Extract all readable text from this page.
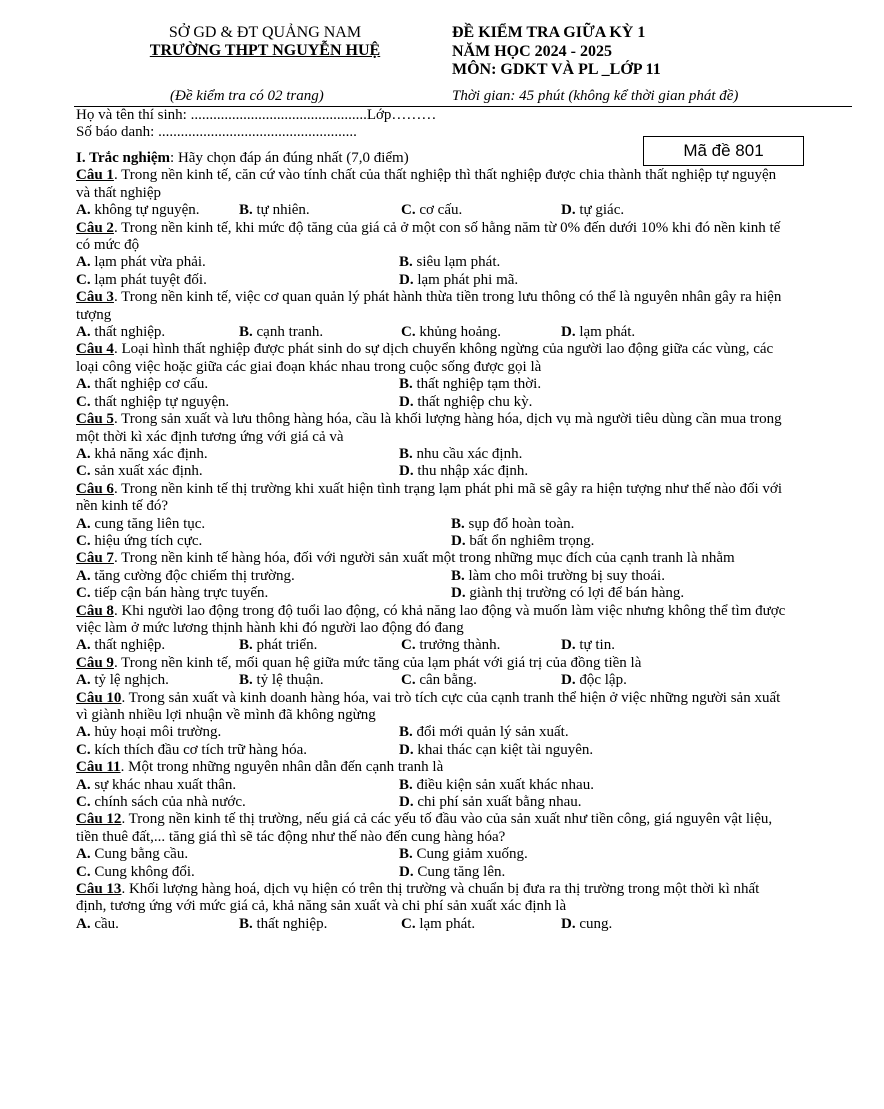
SỞ GD & ĐT QUẢNG NAM
TRƯỜNG THPT NGUYỄN HUỆ
ĐỀ KIỂM TRA GIỮA KỲ 1
NĂM HỌC 2024 - 2025
MÔN: GDKT VÀ PL _LỚP 11
(Đề kiểm tra có 02 trang)	Thời gian: 45 phút (không kể thời gian phát đề)
Họ và tên thí sinh: ...............................................Lớp………
Số báo danh: .....................................................
Mã đề 801
I. Trắc nghiệm: Hãy chọn đáp án đúng nhất (7,0 điểm)
Câu 1. Trong nền kinh tế, căn cứ vào tính chất của thất nghiệp thì thất nghiệp được chia thành thất nghiệp tự nguyện và thất nghiệp
A. không tự nguyện.	B. tự nhiên.	C. cơ cấu.	D. tự giác.
Câu 2. Trong nền kinh tế, khi mức độ tăng của giá cả ở một con số hằng năm từ 0% đến dưới 10% khi đó nền kinh tế có mức độ
A. lạm phát vừa phải.	B. siêu lạm phát.
C. lạm phát tuyệt đối.	D. lạm phát phi mã.
Câu 3. Trong nền kinh tế, việc cơ quan quản lý phát hành thừa tiền trong lưu thông có thể là nguyên nhân gây ra hiện tượng
A. thất nghiệp.	B. cạnh tranh.	C. khủng hoảng.	D. lạm phát.
Câu 4. Loại hình thất nghiệp được phát sinh do sự dịch chuyển không ngừng của người lao động giữa các vùng, các loại công việc hoặc giữa các giai đoạn khác nhau trong cuộc sống được gọi là
A. thất nghiệp cơ cấu.	B. thất nghiệp tạm thời.
C. thất nghiệp tự nguyện.	D. thất nghiệp chu kỳ.
Câu 5. Trong sản xuất và lưu thông hàng hóa, cầu là khối lượng hàng hóa, dịch vụ mà người tiêu dùng cần mua trong một thời kì xác định tương ứng với giá cả và
A. khả năng xác định.	B. nhu cầu xác định.
C. sản xuất xác định.	D. thu nhập xác định.
Câu 6. Trong nền kinh tế thị trường khi xuất hiện tình trạng lạm phát phi mã sẽ gây ra hiện tượng như thế nào đối với nền kinh tế đó?
A. cung tăng liên tục.	B. sụp đổ hoàn toàn.
C. hiệu ứng tích cực.	D. bất ổn nghiêm trọng.
Câu 7. Trong nền kinh tế hàng hóa, đối với người sản xuất một trong những mục đích của cạnh tranh là nhằm
A. tăng cường độc chiếm thị trường.	B. làm cho môi trường bị suy thoái.
C. tiếp cận bán hàng trực tuyến.	D. giành thị trường có lợi để bán hàng.
Câu 8. Khi người lao động trong độ tuổi lao động, có khả năng lao động và muốn làm việc nhưng không thể tìm được việc làm ở mức lương thịnh hành khi đó người lao động đó đang
A. thất nghiệp.	B. phát triển.	C. trưởng thành.	D. tự tin.
Câu 9. Trong nền kinh tế, mối quan hệ giữa mức tăng của lạm phát với giá trị của đồng tiền là
A. tỷ lệ nghịch.	B. tỷ lệ thuận.	C. cân bằng.	D. độc lập.
Câu 10. Trong sản xuất và kinh doanh hàng hóa, vai trò tích cực của cạnh tranh thể hiện ở việc những người sản xuất vì giành nhiều lợi nhuận về mình đã không ngừng
A. hủy hoại môi trường.	B. đổi mới quản lý sản xuất.
C. kích thích đầu cơ tích trữ hàng hóa.	D. khai thác cạn kiệt tài nguyên.
Câu 11. Một trong những nguyên nhân dẫn đến cạnh tranh là
A. sự khác nhau xuất thân.	B. điều kiện sản xuất khác nhau.
C. chính sách của nhà nước.	D. chi phí sản xuất bằng nhau.
Câu 12. Trong nền kinh tế thị trường, nếu giá cả các yếu tố đầu vào của sản xuất như tiền công, giá nguyên vật liệu, tiền thuê đất,... tăng giá thì sẽ tác động như thế nào đến cung hàng hóa?
A. Cung bằng cầu.	B. Cung giảm xuống.
C. Cung không đổi.	D. Cung tăng lên.
Câu 13. Khối lượng hàng hoá, dịch vụ hiện có trên thị trường và chuẩn bị đưa ra thị trường trong một thời kì nhất định, tương ứng với mức giá cả, khả năng sản xuất và chi phí sản xuất xác định là
A. cầu.	B. thất nghiệp.	C. lạm phát.	D. cung.
